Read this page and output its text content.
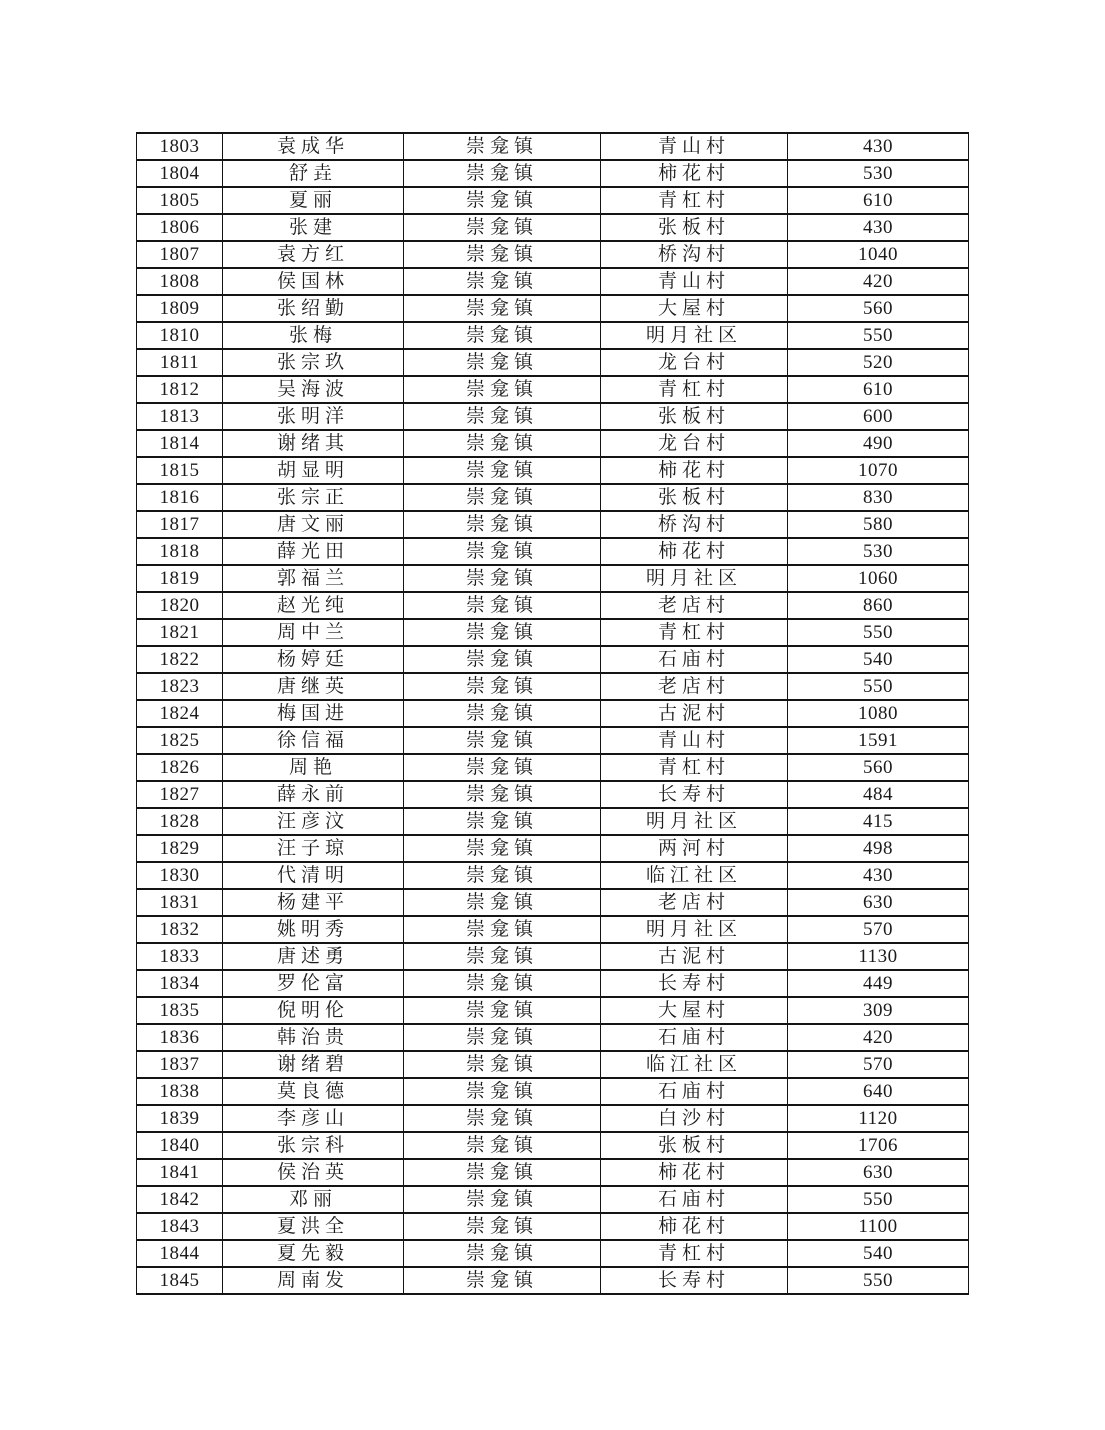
1803	袁成华	崇龛镇	青山村	430
1804	舒垚	崇龛镇	柿花村	530
1805	夏丽	崇龛镇	青杠村	610
1806	张建	崇龛镇	张板村	430
1807	袁方红	崇龛镇	桥沟村	1040
1808	侯国林	崇龛镇	青山村	420
1809	张绍勤	崇龛镇	大屋村	560
1810	张梅	崇龛镇	明月社区	550
1811	张宗玖	崇龛镇	龙台村	520
1812	吴海波	崇龛镇	青杠村	610
1813	张明洋	崇龛镇	张板村	600
1814	谢绪其	崇龛镇	龙台村	490
1815	胡显明	崇龛镇	柿花村	1070
1816	张宗正	崇龛镇	张板村	830
1817	唐文丽	崇龛镇	桥沟村	580
1818	薛光田	崇龛镇	柿花村	530
1819	郭福兰	崇龛镇	明月社区	1060
1820	赵光纯	崇龛镇	老店村	860
1821	周中兰	崇龛镇	青杠村	550
1822	杨婷廷	崇龛镇	石庙村	540
1823	唐继英	崇龛镇	老店村	550
1824	梅国进	崇龛镇	古泥村	1080
1825	徐信福	崇龛镇	青山村	1591
1826	周艳	崇龛镇	青杠村	560
1827	薛永前	崇龛镇	长寿村	484
1828	汪彦汶	崇龛镇	明月社区	415
1829	汪子琼	崇龛镇	两河村	498
1830	代清明	崇龛镇	临江社区	430
1831	杨建平	崇龛镇	老店村	630
1832	姚明秀	崇龛镇	明月社区	570
1833	唐述勇	崇龛镇	古泥村	1130
1834	罗伦富	崇龛镇	长寿村	449
1835	倪明伦	崇龛镇	大屋村	309
1836	韩治贵	崇龛镇	石庙村	420
1837	谢绪碧	崇龛镇	临江社区	570
1838	莫良德	崇龛镇	石庙村	640
1839	李彦山	崇龛镇	白沙村	1120
1840	张宗科	崇龛镇	张板村	1706
1841	侯治英	崇龛镇	柿花村	630
1842	邓丽	崇龛镇	石庙村	550
1843	夏洪全	崇龛镇	柿花村	1100
1844	夏先毅	崇龛镇	青杠村	540
1845	周南发	崇龛镇	长寿村	550
